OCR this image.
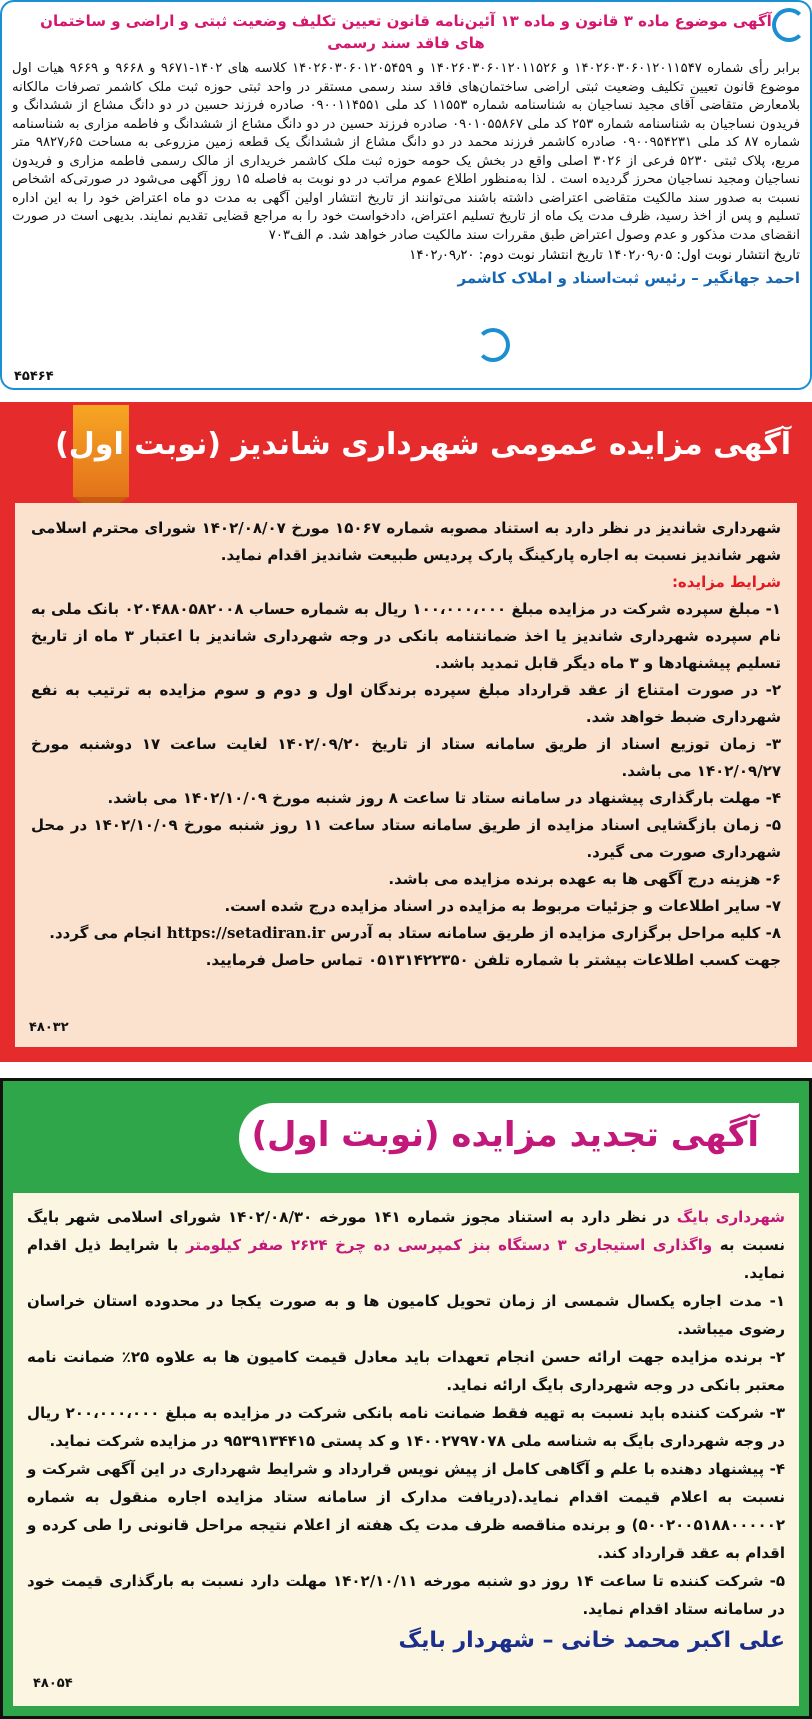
آگهی موضوع ماده ۳ قانون و ماده ۱۳ آئین‌نامه قانون تعیین تکلیف وضعیت ثبتی و اراضی و ساختمان های فاقد سند رسمی

برابر رأی شماره ۱۴۰۲۶۰۳۰۶۰۱۲۰۱۱۵۴۷ و ۱۴۰۲۶۰۳۰۶۰۱۲۰۱۱۵۲۶ و ۱۴۰۲۶۰۳۰۶۰۱۲۰۵۴۵۹ کلاسه های ۱۴۰۲-۹۶۷۱ و ۹۶۶۸ و ۹۶۶۹ هیات اول موضوع قانون تعیین تکلیف وضعیت ثبتی اراضی ساختمان‌های فاقد سند رسمی مستقر در واحد ثبتی حوزه ثبت ملک کاشمر تصرفات مالکانه بلامعارض متقاضی آقای مجید نساجیان به شناسنامه شماره ۱۱۵۵۳ کد ملی ۰۹۰۰۱۱۴۵۵۱ صادره فرزند حسین در دو دانگ مشاع از ششدانگ و فریدون نساجیان به شناسنامه شماره ۲۵۳ کد ملی ۰۹۰۱۰۵۵۸۶۷ صادره فرزند حسین در دو دانگ مشاع از ششدانگ و فاطمه مزاری به شناسنامه شماره ۸۷ کد ملی ۰۹۰۰۹۵۴۲۳۱ صادره کاشمر فرزند محمد در دو دانگ مشاع از ششدانگ یک قطعه زمین مزروعی به مساحت ۹۸۲۷٫۶۵ متر مربع، پلاک ثبتی ۵۲۳۰ فرعی از ۳۰۲۶ اصلی واقع در بخش یک حومه حوزه ثبت ملک کاشمر خریداری از مالک رسمی فاطمه مزاری و فریدون نساجیان ومجید نساجیان محرز گردیده است . لذا به‌منظور اطلاع عموم مراتب در دو نوبت به فاصله ۱۵ روز آگهی می‌شود در صورتی‌که اشخاص نسبت به صدور سند مالکیت متقاضی اعتراضی داشته باشند می‌توانند از تاریخ انتشار اولین آگهی به مدت دو ماه اعتراض خود را به این اداره تسلیم و پس از اخذ رسید، ظرف مدت یک ماه از تاریخ تسلیم اعتراض، دادخواست خود را به مراجع قضایی تقدیم نمایند. بدیهی است در صورت انقضای مدت مذکور و عدم وصول اعتراض طبق مقررات سند مالکیت صادر خواهد شد. م الف۷۰۳

تاریخ انتشار نوبت اول: ۱۴۰۲٫۰۹٫۰۵ تاریخ انتشار نوبت دوم: ۱۴۰۲٫۰۹٫۲۰
احمد جهانگیر – رئیس ثبت‌اسناد و املاک کاشمر
۴۵۴۶۴
آگهی مزایده عمومی شهرداری شاندیز (نوبت اول)

شهرداری شاندیز در نظر دارد به استناد مصوبه شماره ۱۵۰۶۷ مورخ ۱۴۰۲/۰۸/۰۷ شورای محترم اسلامی شهر شاندیز نسبت به اجاره پارکینگ پارک پردیس طبیعت شاندیز اقدام نماید.

شرایط مزایده:

۱- مبلغ سپرده شرکت در مزایده مبلغ ۱۰۰،۰۰۰،۰۰۰ ریال به شماره حساب ۰۲۰۴۸۸۰۵۸۲۰۰۸ بانک ملی به نام سپرده شهرداری شاندیز یا اخذ ضمانتنامه بانکی در وجه شهرداری شاندیز با اعتبار ۳ ماه از تاریخ تسلیم پیشنهادها و ۳ ماه دیگر قابل تمدید باشد.

۲- در صورت امتناع از عقد قرارداد مبلغ سپرده برندگان اول و دوم و سوم مزایده به ترتیب به نفع شهرداری ضبط خواهد شد.

۳- زمان توزیع اسناد از طریق سامانه ستاد از تاریخ ۱۴۰۲/۰۹/۲۰ لغایت ساعت ۱۷ دوشنبه مورخ ۱۴۰۲/۰۹/۲۷ می باشد.

۴- مهلت بارگذاری پیشنهاد در سامانه ستاد تا ساعت ۸ روز شنبه مورخ ۱۴۰۲/۱۰/۰۹ می باشد.

۵- زمان بازگشایی اسناد مزایده از طریق سامانه ستاد ساعت ۱۱ روز شنبه مورخ ۱۴۰۲/۱۰/۰۹ در محل شهرداری صورت می گیرد.

۶- هزینه درج آگهی ها به عهده برنده مزایده می باشد.

۷- سایر اطلاعات و جزئیات مربوط به مزایده در اسناد مزایده درج شده است.

۸- کلیه مراحل برگزاری مزایده از طریق سامانه ستاد به آدرس https://setadiran.ir انجام می گردد.

جهت کسب اطلاعات بیشتر با شماره تلفن ۰۵۱۳۱۴۲۲۳۵۰ تماس حاصل فرمایید.

۴۸۰۳۲
آگهی تجدید مزایده (نوبت اول)

شهرداری بایگ در نظر دارد به استناد مجوز شماره ۱۴۱ مورخه ۱۴۰۲/۰۸/۳۰ شورای اسلامی شهر بایگ نسبت به واگذاری استیجاری ۳ دستگاه بنز کمپرسی ده چرخ ۲۶۲۴ صفر کیلومتر با شرایط ذیل اقدام نماید.

۱- مدت اجاره یکسال شمسی از زمان تحویل کامیون ها و به صورت یکجا در محدوده استان خراسان رضوی میباشد.

۲- برنده مزایده جهت ارائه حسن انجام تعهدات باید معادل قیمت کامیون ها به علاوه ۲۵٪ ضمانت نامه معتبر بانکی در وجه شهرداری بایگ ارائه نماید.

۳- شرکت کننده باید نسبت به تهیه فقط ضمانت نامه بانکی شرکت در مزایده به مبلغ ۲۰۰،۰۰۰،۰۰۰ ریال در وجه شهرداری بایگ به شناسه ملی ۱۴۰۰۲۷۹۷۰۷۸ و کد پستی ۹۵۳۹۱۳۴۴۱۵ در مزایده شرکت نماید.

۴- پیشنهاد دهنده با علم و آگاهی کامل از پیش نویس قرارداد و شرایط شهرداری در این آگهی شرکت و نسبت به اعلام قیمت اقدام نماید.(دریافت مدارک از سامانه ستاد مزایده اجاره منقول به شماره ۵۰۰۲۰۰۵۱۸۸۰۰۰۰۰۲) و برنده مناقصه ظرف مدت یک هفته از اعلام نتیجه مراحل قانونی را طی کرده و اقدام به عقد قرارداد کند.

۵- شرکت کننده تا ساعت ۱۴ روز دو شنبه مورخه ۱۴۰۲/۱۰/۱۱ مهلت دارد نسبت به بارگذاری قیمت خود در سامانه ستاد اقدام نماید.

علی اکبر محمد خانی – شهردار بایگ
۴۸۰۵۴
